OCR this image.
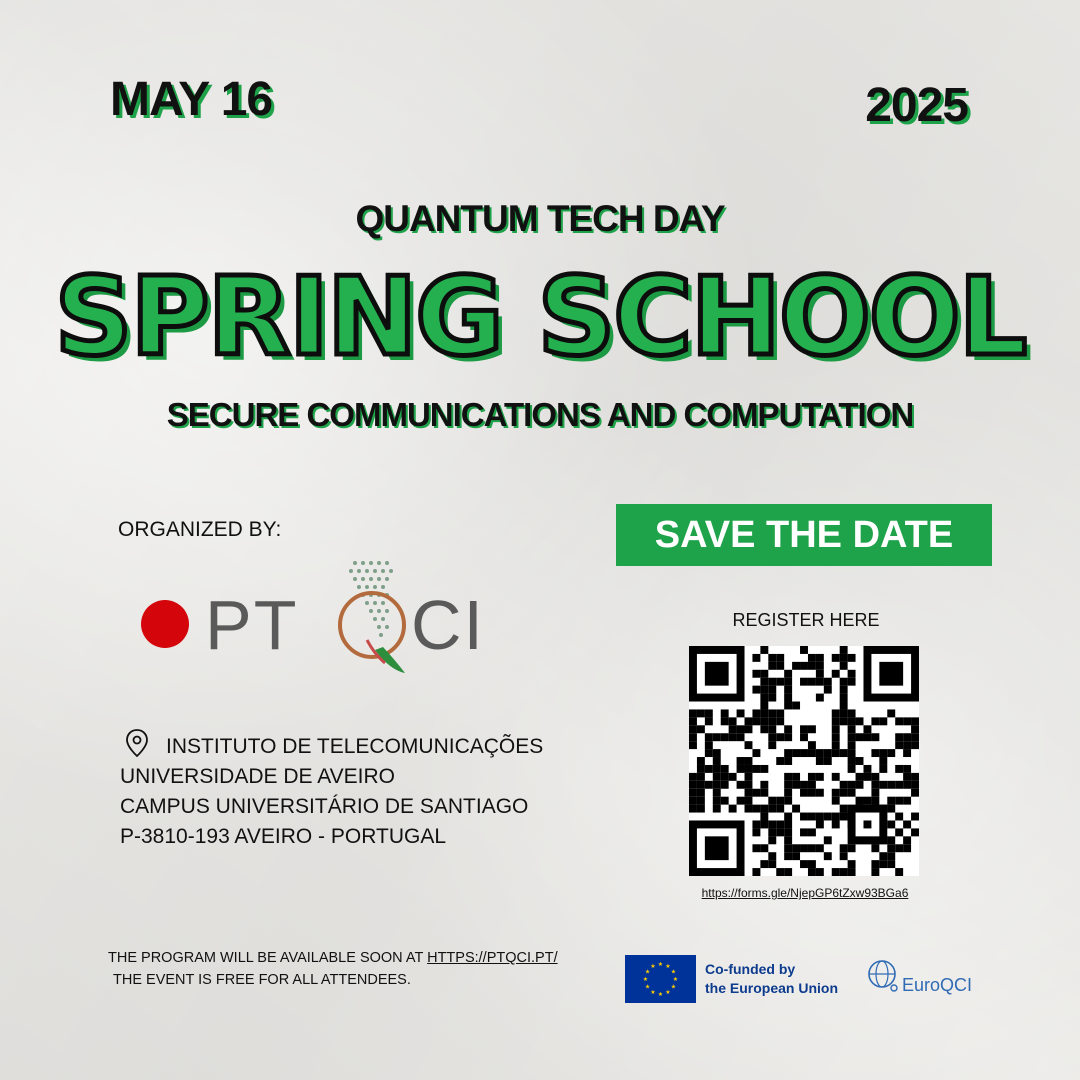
MAY 16	2025
QUANTUM TECH DAY
SPRING SCHOOL
SECURE COMMUNICATIONS AND COMPUTATION
ORGANIZED BY:
PT CI
INSTITUTO DE TELECOMUNICAÇÕES
UNIVERSIDADE DE AVEIRO
CAMPUS UNIVERSITÁRIO DE SANTIAGO
P-3810-193 AVEIRO - PORTUGAL
SAVE THE DATE
REGISTER HERE
https://forms.gle/NjepGP6tZxw93BGa6
THE PROGRAM WILL BE AVAILABLE SOON AT HTTPS://PTQCI.PT/
THE EVENT IS FREE FOR ALL ATTENDEES.
★ ★
★
★
★
★
★
★
★
★
★
★	Co-funded by
the European Union	EuroQCI
